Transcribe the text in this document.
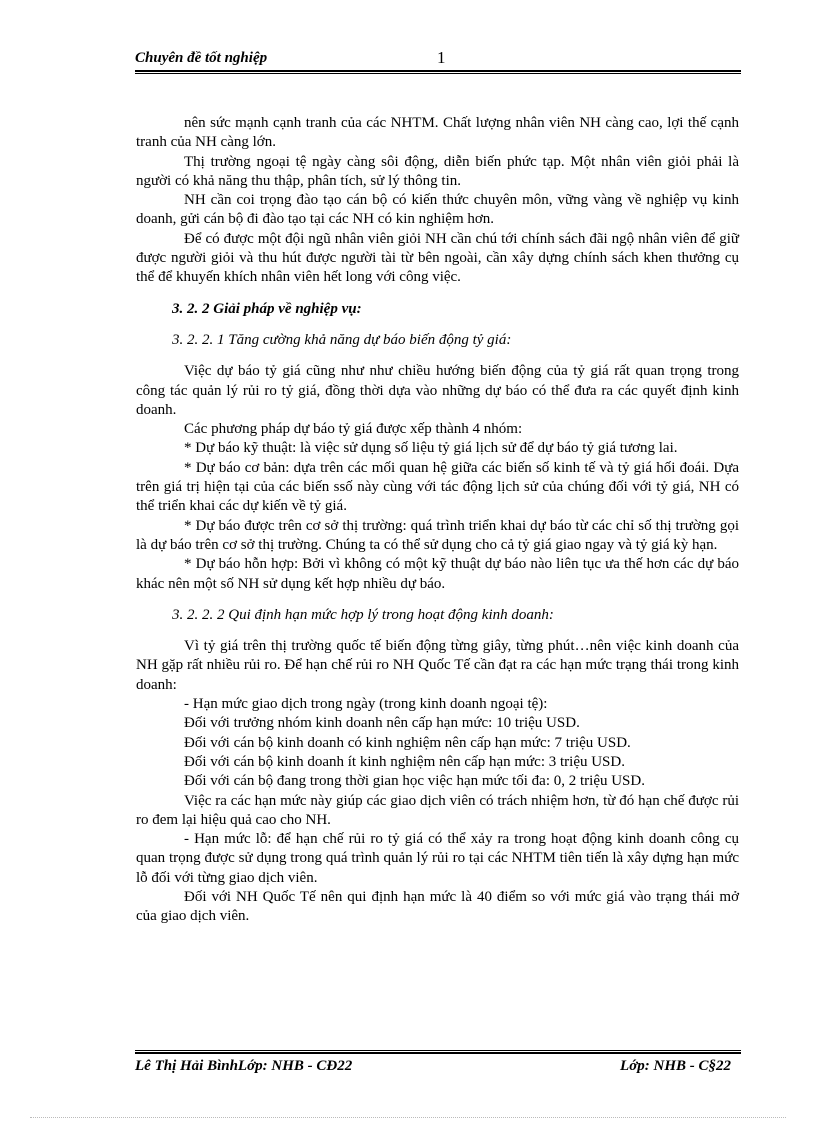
Chuyên đề tốt nghiệp	1

nên sức mạnh cạnh tranh của các NHTM. Chất lượng nhân viên NH càng cao, lợi thế cạnh tranh của NH càng lớn.

Thị trường ngoại tệ ngày càng sôi động, diễn biến phức tạp. Một nhân viên giỏi phải là người có khả năng thu thập, phân tích, sử lý thông tin.

NH cần coi trọng đào tạo cán bộ có kiến thức chuyên môn, vững vàng về nghiệp vụ kinh doanh, gửi cán bộ đi đào tạo tại các NH có kin nghiệm hơn.

Để có được một đội ngũ nhân viên giỏi NH cần chú tới chính sách đãi ngộ nhân viên để giữ được người giỏi và thu hút được người tài từ bên ngoài, cần xây dựng chính sách khen thưởng cụ thể để khuyến khích nhân viên hết long với công việc.

3. 2. 2 Giải pháp về nghiệp vụ:
3. 2. 2. 1 Tăng cường khả năng dự báo biến động tỷ giá:

Việc dự báo tỷ giá cũng như như chiều hướng biến động của tỷ giá rất quan trọng trong công tác quản lý rủi ro tỷ giá, đồng thời dựa vào những dự báo có thể đưa ra các quyết định kinh doanh.

Các phương pháp dự báo tỷ giá được xếp thành 4 nhóm:

* Dự báo kỹ thuật: là việc sử dụng số liệu tỷ giá lịch sử để dự báo tỷ giá tương lai.

* Dự báo cơ bản: dựa trên các mối quan hệ giữa các biến số kinh tế và tỷ giá hối đoái. Dựa trên giá trị hiện tại của các biến ssố này cùng với tác động lịch sử của chúng đối với tỷ giá, NH có thể triển khai các dự kiến về tỷ giá.

* Dự báo được trên cơ sở thị trường: quá trình triển khai dự báo từ các chỉ số thị trường gọi là dự báo trên cơ sở thị trường. Chúng ta có thể sử dụng cho cả tỷ giá giao ngay và tỷ giá kỳ hạn.

* Dự báo hỗn hợp: Bởi vì không có một kỹ thuật dự báo nào liên tục ưa thế hơn các dự báo khác nên một số NH sử dụng kết hợp nhiều dự báo.

3. 2. 2. 2 Qui định hạn mức hợp lý trong hoạt động kinh doanh:

Vì tỷ giá trên thị trường quốc tế biến động từng giây, từng phút…nên việc kinh doanh của NH gặp rất nhiều rủi ro. Để hạn chế rủi ro NH Quốc Tế cần đạt ra các hạn mức trạng thái trong kinh doanh:

- Hạn mức giao dịch trong ngày (trong kinh doanh ngoại tệ):

Đối với trưởng nhóm kinh doanh nên cấp hạn mức: 10 triệu USD.

Đối với cán bộ kinh doanh có kinh nghiệm nên cấp hạn mức: 7 triệu USD.

Đối với cán bộ kinh doanh ít kinh nghiệm nên cấp hạn mức: 3 triệu USD.

Đối với cán bộ đang trong thời gian học việc hạn mức tối đa: 0, 2 triệu USD.

Việc ra các hạn mức này giúp các giao dịch viên có trách nhiệm hơn, từ đó hạn chế được rủi ro đem lại hiệu quả cao cho NH.

- Hạn mức lỗ: để hạn chế rủi ro tỷ giá có thể xảy ra trong hoạt động kinh doanh công cụ quan trọng được sử dụng trong quá trình quản lý rủi ro tại các NHTM tiên tiến là xây dựng hạn mức lỗ đối với từng giao dịch viên.

Đối với NH Quốc Tế nên qui định hạn mức là 40 điểm so với mức giá vào trạng thái mở của giao dịch viên.

Lê Thị Hải BìnhLớp: NHB - CĐ22	Lớp: NHB - C§22
